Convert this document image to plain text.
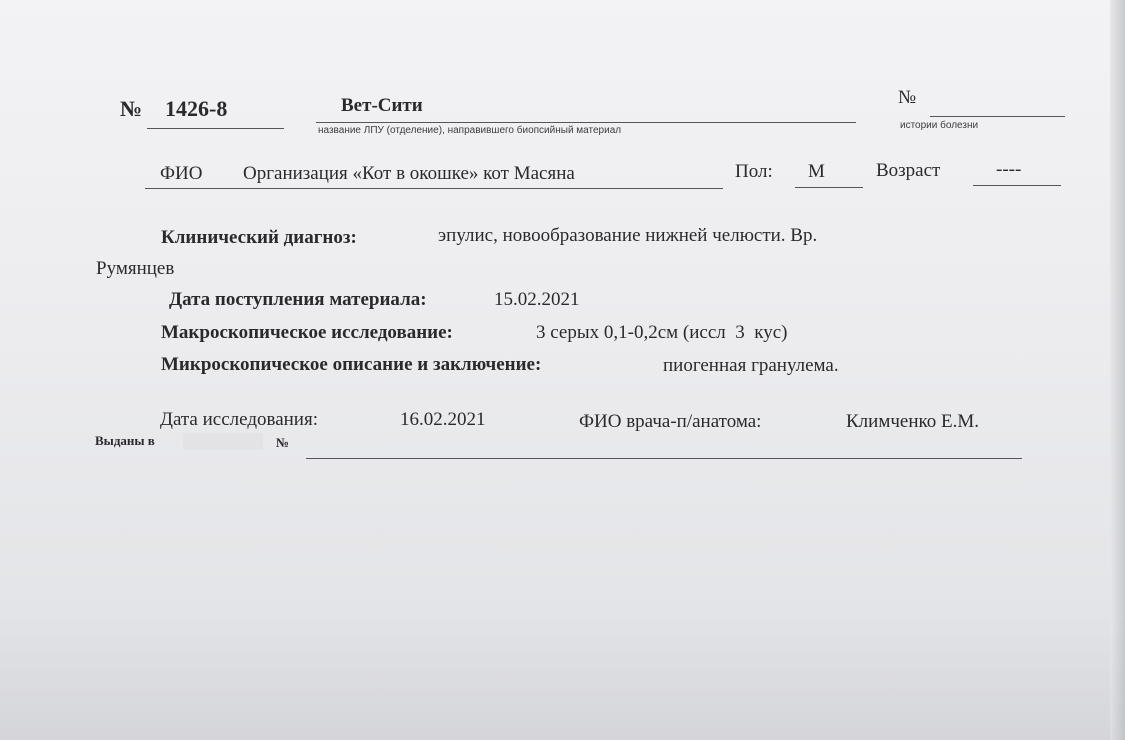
№ 1426-8	Вет-Сити
название ЛПУ (отделение), направившего биопсийный материал
№
истории болезни
ФИО Организация «Кот в окошке» кот Масяна	Пол: М	Возраст	----
Клинический диагноз:	эпулис, новообразование нижней челюсти. Вр.
Румянцев
Дата поступления материала:	15.02.2021
Макроскопическое исследование:	3 серых 0,1-0,2см (иссл  3  кус)
Микроскопическое описание и заключение:	пиогенная гранулема.
Дата исследования:	16.02.2021	ФИО врача-п/анатома:	Климченко Е.М.
Выданы в	№
